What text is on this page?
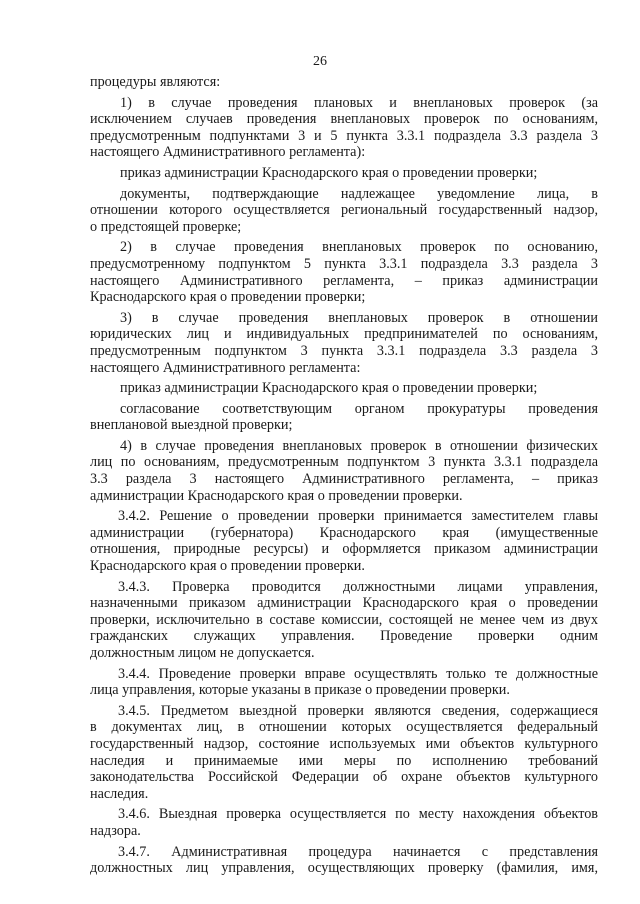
26
процедуры являются:
1) в случае проведения плановых и внеплановых проверок (за
исключением случаев проведения внеплановых проверок по основаниям,
предусмотренным подпунктами 3 и 5 пункта 3.3.1 подраздела 3.3 раздела 3
настоящего Административного регламента):
приказ администрации Краснодарского края о проведении проверки;
документы, подтверждающие надлежащее уведомление лица, в
отношении которого осуществляется региональный государственный надзор,
о предстоящей проверке;
2) в случае проведения внеплановых проверок по основанию,
предусмотренному подпунктом 5 пункта 3.3.1 подраздела 3.3 раздела 3
настоящего Административного регламента, – приказ администрации
Краснодарского края о проведении проверки;
3) в случае проведения внеплановых проверок в отношении
юридических лиц и индивидуальных предпринимателей по основаниям,
предусмотренным подпунктом 3 пункта 3.3.1 подраздела 3.3 раздела 3
настоящего Административного регламента:
приказ администрации Краснодарского края о проведении проверки;
согласование соответствующим органом прокуратуры проведения
внеплановой выездной проверки;
4) в случае проведения внеплановых проверок в отношении физических
лиц по основаниям, предусмотренным подпунктом 3 пункта 3.3.1 подраздела
3.3 раздела 3 настоящего Административного регламента, – приказ
администрации Краснодарского края о проведении проверки.
3.4.2. Решение о проведении проверки принимается заместителем главы
администрации (губернатора) Краснодарского края (имущественные
отношения, природные ресурсы) и оформляется приказом администрации
Краснодарского края о проведении проверки.
3.4.3. Проверка проводится должностными лицами управления,
назначенными приказом администрации Краснодарского края о проведении
проверки, исключительно в составе комиссии, состоящей не менее чем из двух
гражданских служащих управления. Проведение проверки одним
должностным лицом не допускается.
3.4.4. Проведение проверки вправе осуществлять только те должностные
лица управления, которые указаны в приказе о проведении проверки.
3.4.5. Предметом выездной проверки являются сведения, содержащиеся
в документах лиц, в отношении которых осуществляется федеральный
государственный надзор, состояние используемых ими объектов культурного
наследия и принимаемые ими меры по исполнению требований
законодательства Российской Федерации об охране объектов культурного
наследия.
3.4.6. Выездная проверка осуществляется по месту нахождения объектов
надзора.
3.4.7. Административная процедура начинается с представления
должностных лиц управления, осуществляющих проверку (фамилия, имя,
